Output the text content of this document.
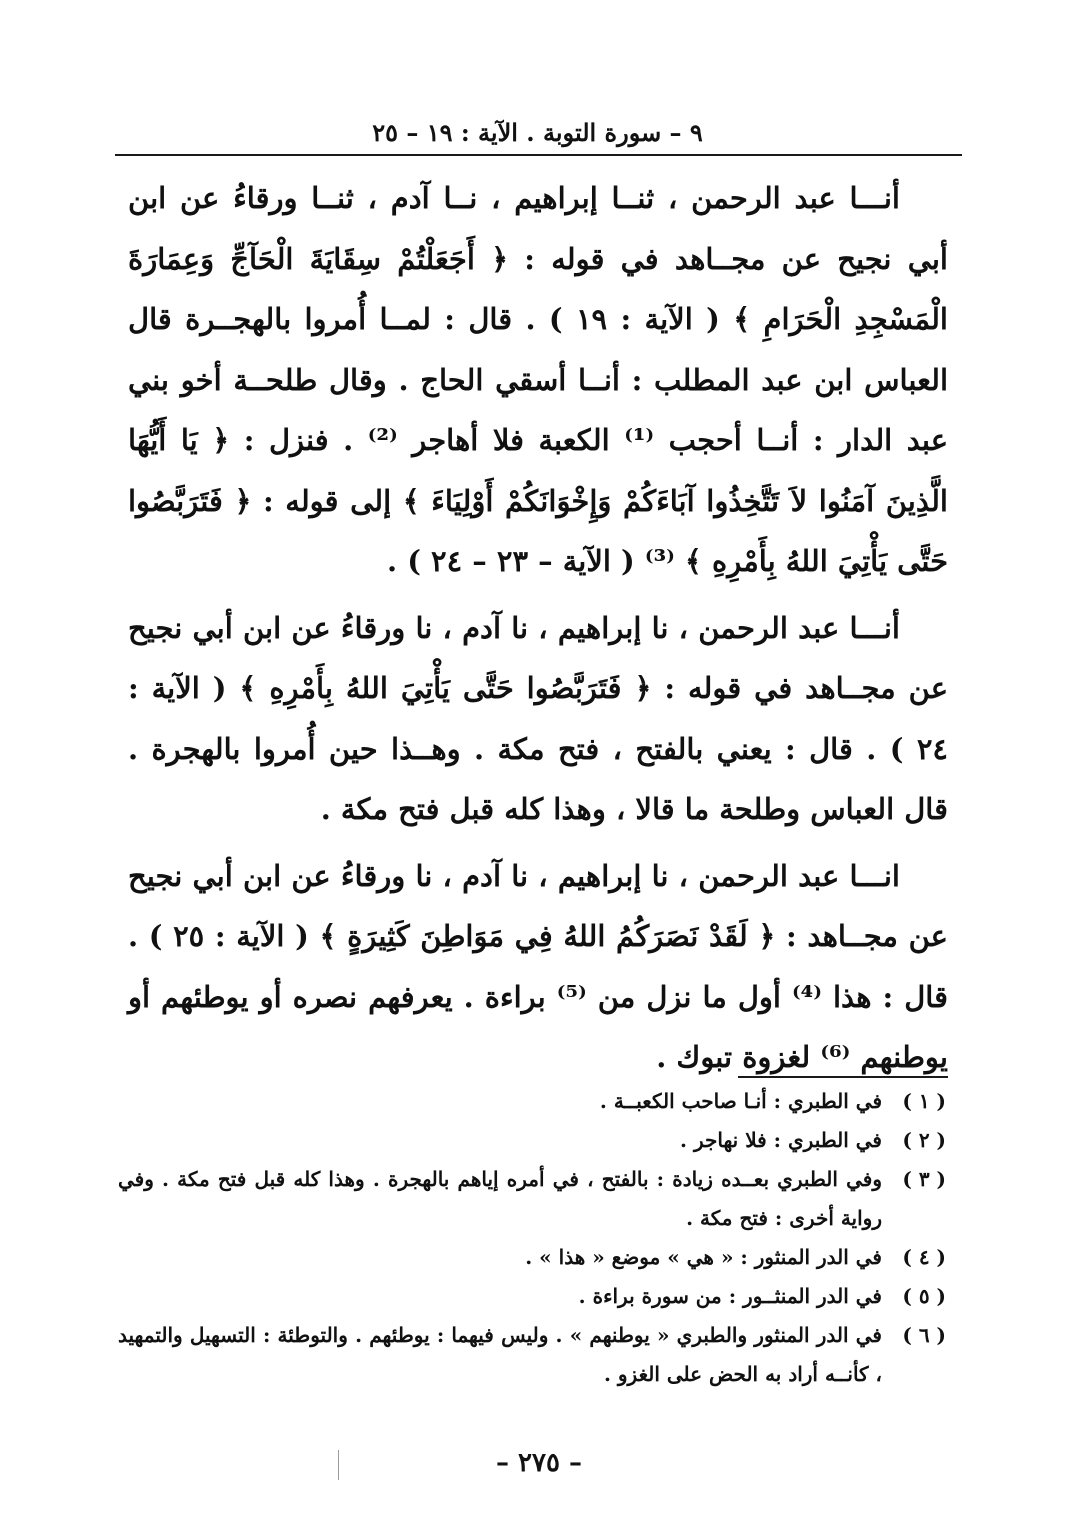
٩ – سورة التوبة . الآية : ١٩ – ٢٥

أنـــا عبد الرحمن ، ثنــا إبراهيم ، نــا آدم ، ثنــا ورقاءُ عن ابن أبي نجيح عن مجــاهد في قوله : ﴿ أَجَعَلْتُمْ سِقَايَةَ الْحَآجِّ وَعِمَارَةَ الْمَسْجِدِ الْحَرَامِ ﴾ ( الآية : ١٩ ) . قال : لمــا أُمروا بالهجــرة قال العباس ابن عبد المطلب : أنــا أسقي الحاج . وقال طلحــة أخو بني عبد الدار : أنــا أحجب ⁽¹⁾ الكعبة فلا أهاجر ⁽²⁾ . فنزل : ﴿ يَا أَيُّهَا الَّذِينَ آمَنُوا لاَ تَتَّخِذُوا آبَاءَكُمْ وَإِخْوَانَكُمْ أَوْلِيَاءَ ﴾ إلى قوله : ﴿ فَتَرَبَّصُوا حَتَّى يَأْتِيَ اللهُ بِأَمْرِهِ ﴾ ⁽³⁾ ( الآية – ٢٣ – ٢٤ ) .

أنـــا عبد الرحمن ، نا إبراهيم ، نا آدم ، نا ورقاءُ عن ابن أبي نجيح عن مجــاهد في قوله : ﴿ فَتَرَبَّصُوا حَتَّى يَأْتِيَ اللهُ بِأَمْرِهِ ﴾ ( الآية : ٢٤ ) . قال : يعني بالفتح ، فتح مكة . وهــذا حين أُمروا بالهجرة . قال العباس وطلحة ما قالا ، وهذا كله قبل فتح مكة .

انـــا عبد الرحمن ، نا إبراهيم ، نا آدم ، نا ورقاءُ عن ابن أبي نجيح عن مجــاهد : ﴿ لَقَدْ نَصَرَكُمُ اللهُ فِي مَوَاطِنَ كَثِيرَةٍ ﴾ ( الآية : ٢٥ ) . قال : هذا ⁽⁴⁾ أول ما نزل من ⁽⁵⁾ براءة . يعرفهم نصره أو يوطئهم أو يوطنهم ⁽⁶⁾ لغزوة تبوك .

( ١ )
في الطبري : أنـا صاحب الكعبــة .
( ٢ )
في الطبري : فلا نهاجر .
( ٣ )
وفي الطبري بعــده زيادة : بالفتح ، في أمره إياهم بالهجرة . وهذا كله قبل فتح مكة . وفي رواية أخرى : فتح مكة .
( ٤ )
في الدر المنثور : « هي » موضع « هذا » .
( ٥ )
في الدر المنثــور : من سورة براءة .
( ٦ )
في الدر المنثور والطبري « يوطنهم » . وليس فيهما : يوطئهم . والتوطئة : التسهيل والتمهيد ، كأنــه أراد به الحض على الغزو .
– ٢٧٥ –
